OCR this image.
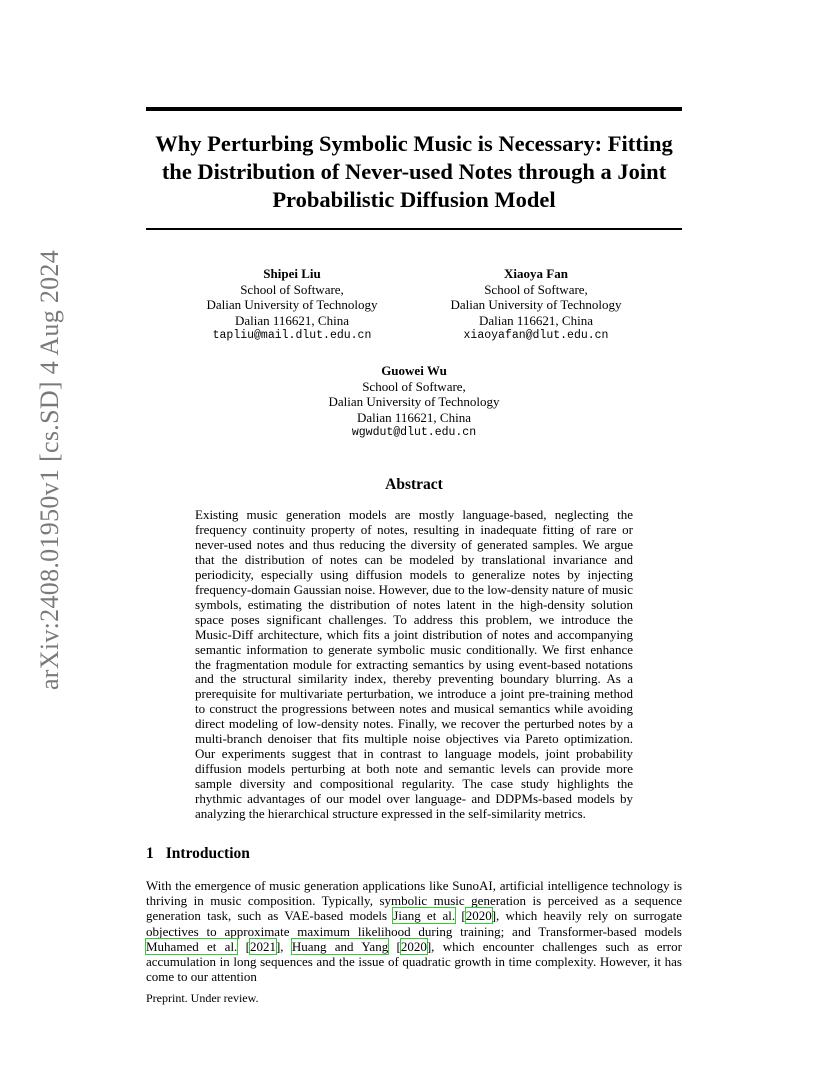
arXiv:2408.01950v1 [cs.SD] 4 Aug 2024
Why Perturbing Symbolic Music is Necessary: Fitting
the Distribution of Never-used Notes through a Joint
Probabilistic Diffusion Model
Shipei Liu
School of Software,
Dalian University of Technology
Dalian 116621, China
tapliu@mail.dlut.edu.cn
Xiaoya Fan
School of Software,
Dalian University of Technology
Dalian 116621, China
xiaoyafan@dlut.edu.cn
Guowei Wu
School of Software,
Dalian University of Technology
Dalian 116621, China
wgwdut@dlut.edu.cn
Abstract

Existing music generation models are mostly language-based, neglecting the frequency continuity property of notes, resulting in inadequate fitting of rare or never-used notes and thus reducing the diversity of generated samples. We argue that the distribution of notes can be modeled by translational invariance and periodicity, especially using diffusion models to generalize notes by injecting frequency-domain Gaussian noise. However, due to the low-density nature of music symbols, estimating the distribution of notes latent in the high-density solution space poses significant challenges. To address this problem, we introduce the Music-Diff architecture, which fits a joint distribution of notes and accompanying semantic information to generate symbolic music conditionally. We first enhance the fragmentation module for extracting semantics by using event-based notations and the structural similarity index, thereby preventing boundary blurring. As a prerequisite for multivariate perturbation, we introduce a joint pre-training method to construct the progressions between notes and musical semantics while avoiding direct modeling of low-density notes. Finally, we recover the perturbed notes by a multi-branch denoiser that fits multiple noise objectives via Pareto optimization. Our experiments suggest that in contrast to language models, joint probability diffusion models perturbing at both note and semantic levels can provide more sample diversity and compositional regularity. The case study highlights the rhythmic advantages of our model over language- and DDPMs-based models by analyzing the hierarchical structure expressed in the self-similarity metrics.

1 Introduction

With the emergence of music generation applications like SunoAI, artificial intelligence technology is thriving in music composition. Typically, symbolic music generation is perceived as a sequence generation task, such as VAE-based models Jiang et al. [2020], which heavily rely on surrogate objectives to approximate maximum likelihood during training; and Transformer-based models Muhamed et al. [2021], Huang and Yang [2020], which encounter challenges such as error accumulation in long sequences and the issue of quadratic growth in time complexity. However, it has come to our attention

Preprint. Under review.
